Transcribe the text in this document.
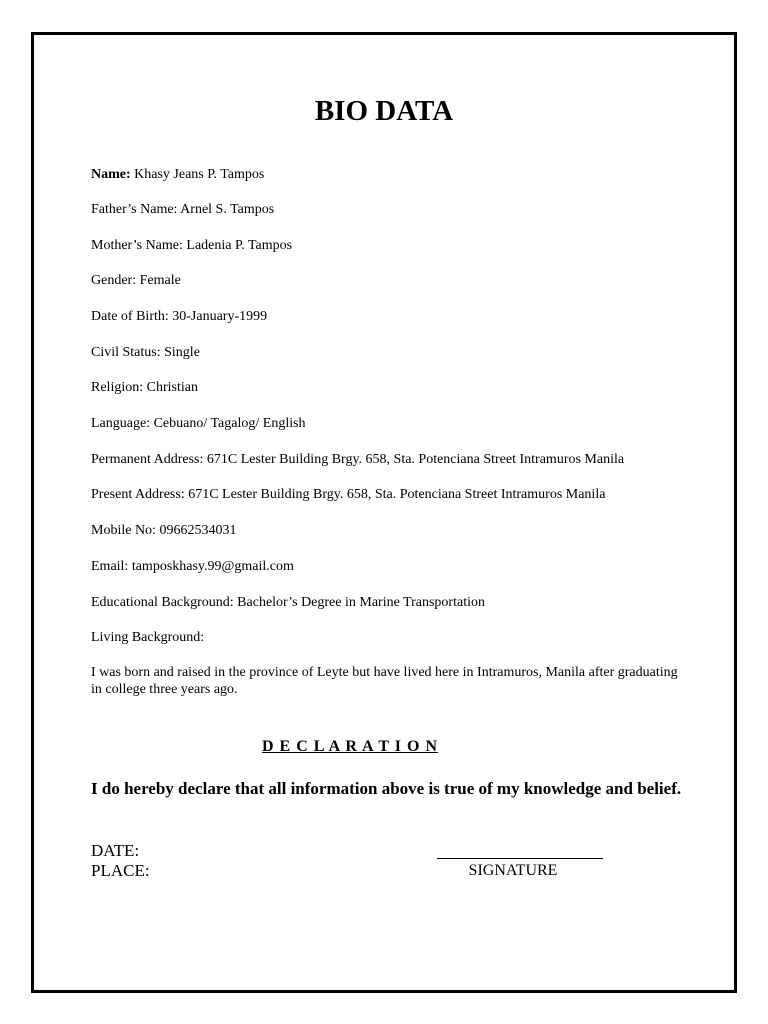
BIO DATA
Name: Khasy Jeans P. Tampos
Father’s Name: Arnel S. Tampos
Mother’s Name: Ladenia P. Tampos
Gender: Female
Date of Birth: 30-January-1999
Civil Status: Single
Religion: Christian
Language: Cebuano/ Tagalog/ English
Permanent Address: 671C Lester Building Brgy. 658, Sta. Potenciana Street Intramuros Manila
Present Address: 671C Lester Building Brgy. 658, Sta. Potenciana Street Intramuros Manila
Mobile No: 09662534031
Email: tamposkhasy.99@gmail.com
Educational Background: Bachelor’s Degree in Marine Transportation
Living Background:
I was born and raised in the province of Leyte but have lived here in Intramuros, Manila after graduating in college three years ago.
D E C L A R A T I O N
I do hereby declare that all information above is true of my knowledge and belief.
DATE:
PLACE:	SIGNATURE
